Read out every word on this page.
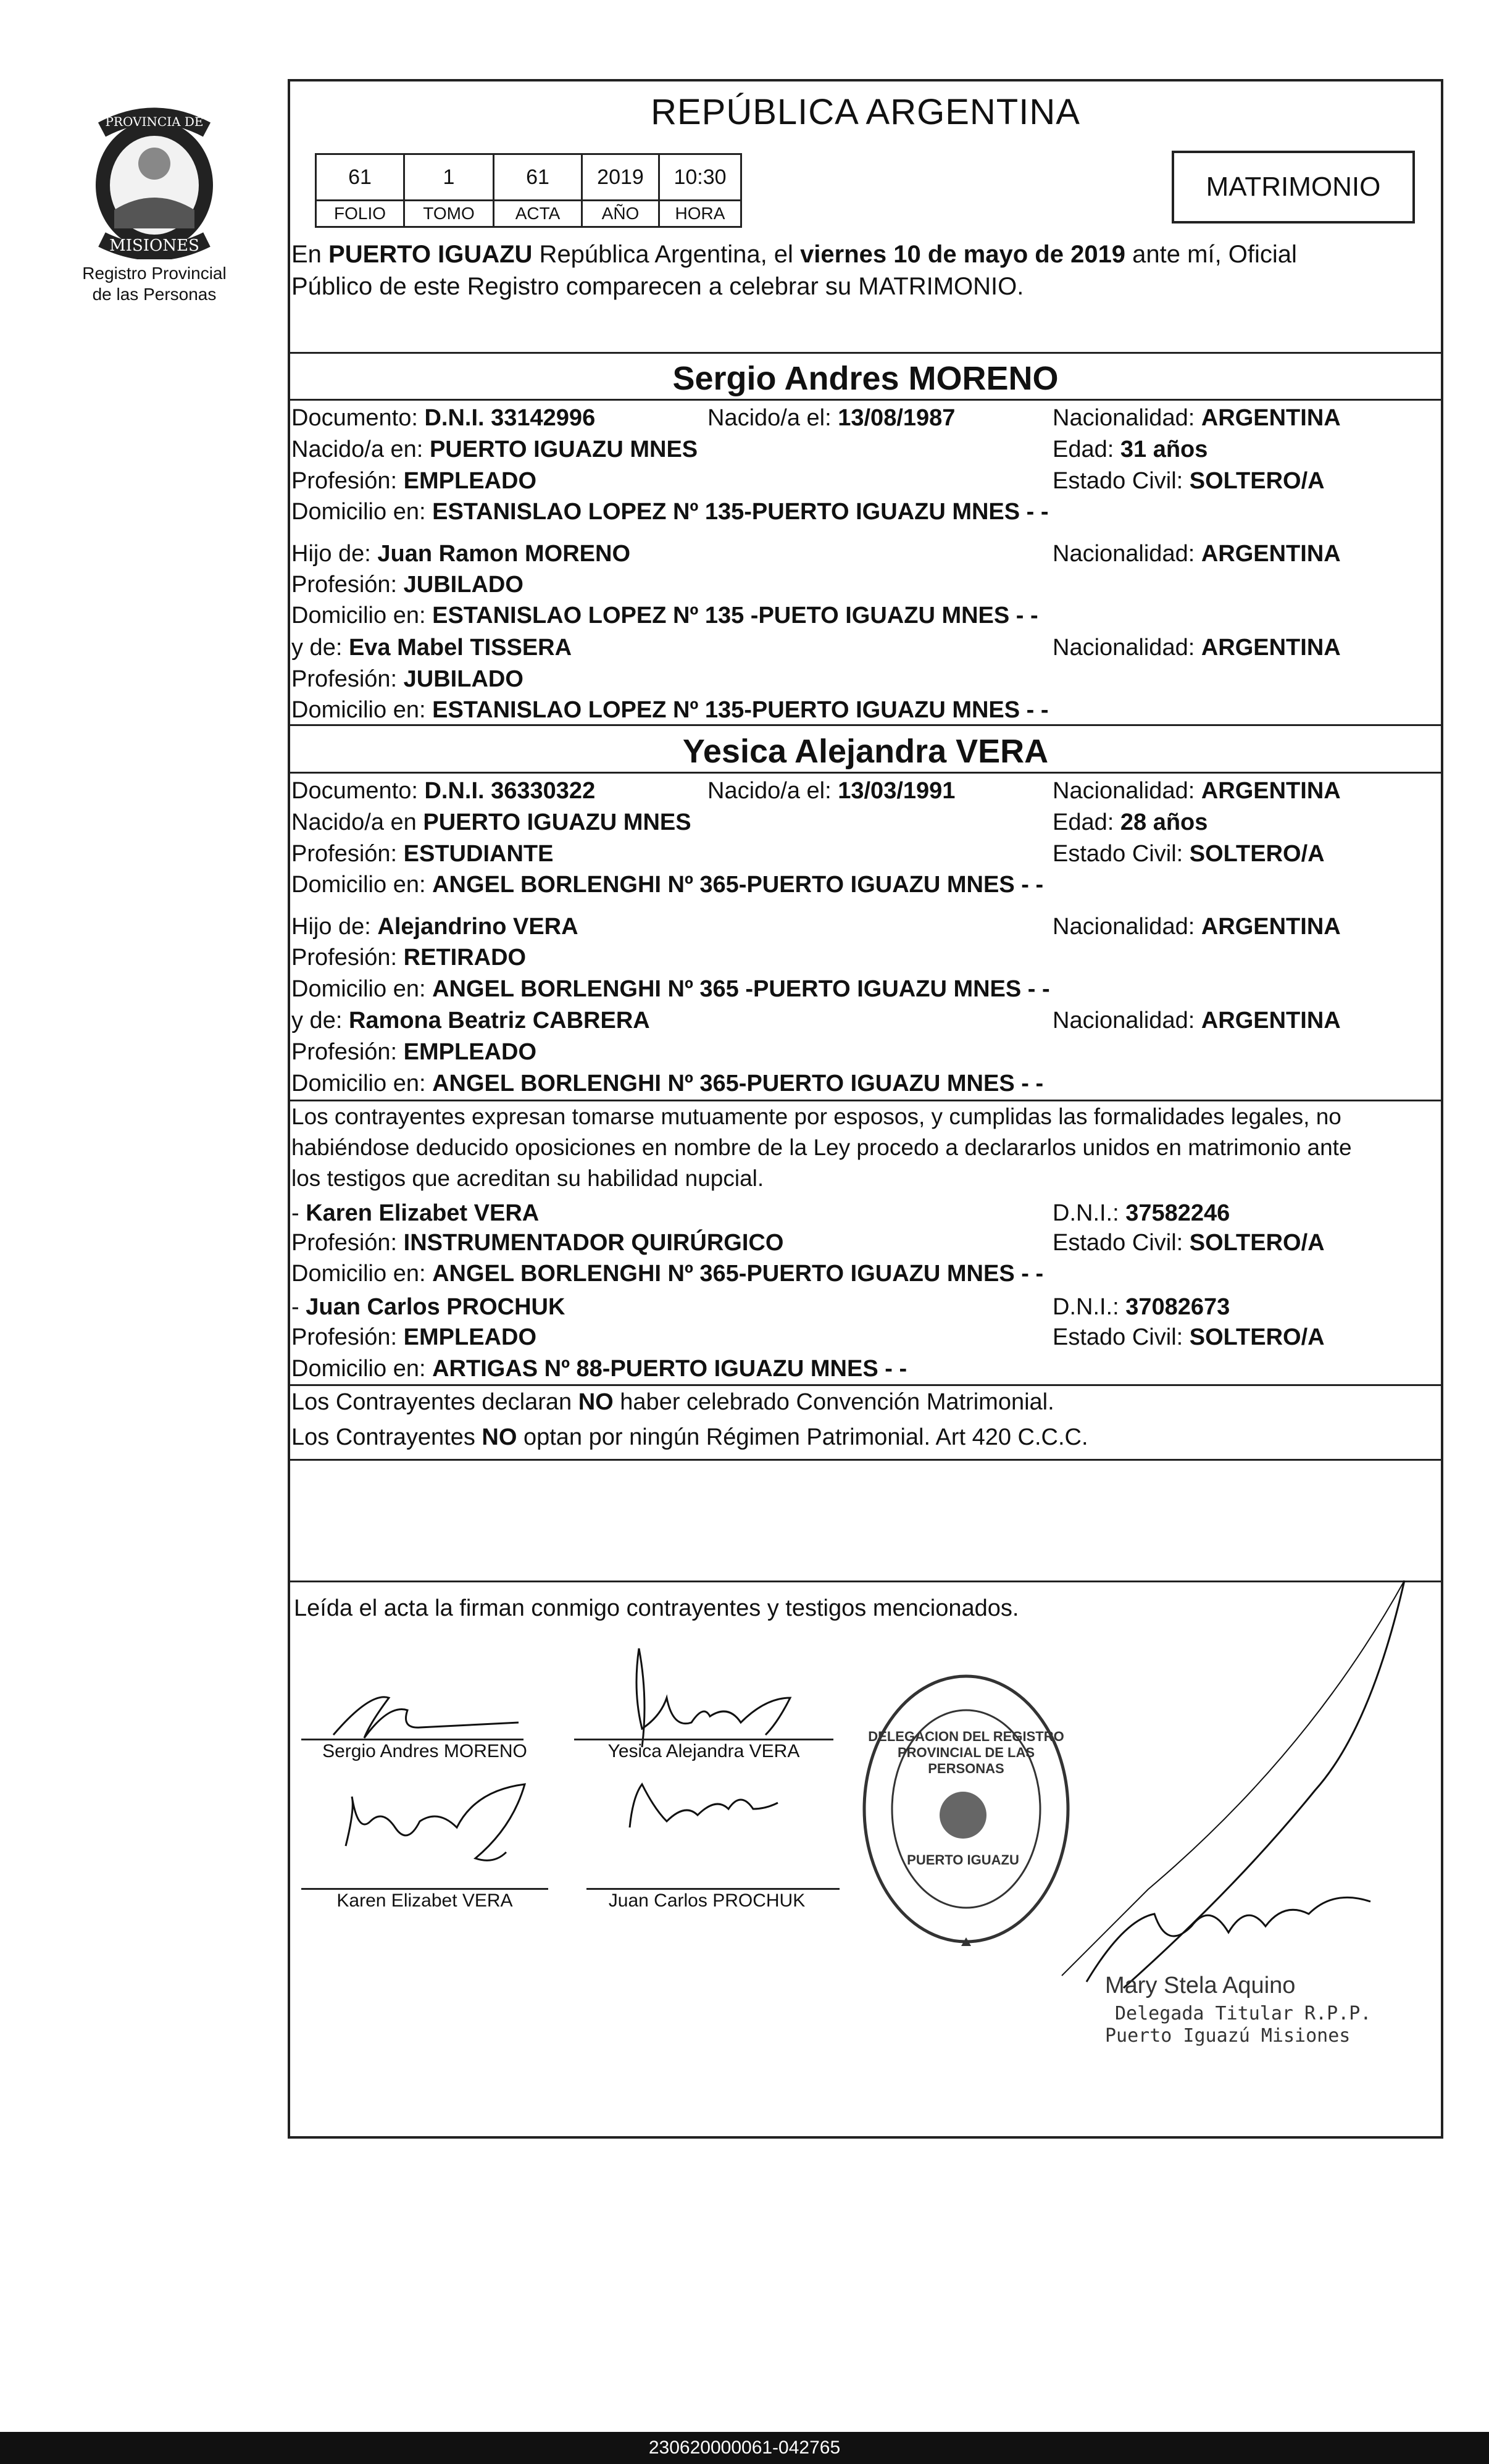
PROVINCIA DE
MISIONES
Registro Provincial
de las Personas
REPÚBLICA ARGENTINA
61	1	61	2019	10:30
FOLIO	TOMO	ACTA	AÑO	HORA
MATRIMONIO
En PUERTO IGUAZU República Argentina, el viernes 10 de mayo de 2019 ante mí, Oficial
Público de este Registro comparecen a celebrar su MATRIMONIO.
Sergio Andres MORENO
Documento: D.N.I. 33142996	Nacido/a el: 13/08/1987	Nacionalidad: ARGENTINA
Nacido/a en: PUERTO IGUAZU MNES	Edad: 31 años
Profesión: EMPLEADO	Estado Civil: SOLTERO/A
Domicilio en: ESTANISLAO LOPEZ Nº 135-PUERTO IGUAZU MNES - -
Hijo de: Juan Ramon MORENO	Nacionalidad: ARGENTINA
Profesión: JUBILADO
Domicilio en: ESTANISLAO LOPEZ Nº 135 -PUETO IGUAZU MNES - -
y de: Eva Mabel TISSERA	Nacionalidad: ARGENTINA
Profesión: JUBILADO
Domicilio en: ESTANISLAO LOPEZ Nº 135-PUERTO IGUAZU MNES - -
Yesica Alejandra VERA
Documento: D.N.I. 36330322	Nacido/a el: 13/03/1991	Nacionalidad: ARGENTINA
Nacido/a en PUERTO IGUAZU MNES	Edad: 28 años
Profesión: ESTUDIANTE	Estado Civil: SOLTERO/A
Domicilio en: ANGEL BORLENGHI Nº 365-PUERTO IGUAZU MNES - -
Hijo de: Alejandrino VERA	Nacionalidad: ARGENTINA
Profesión: RETIRADO
Domicilio en: ANGEL BORLENGHI Nº 365 -PUERTO IGUAZU MNES - -
y de: Ramona Beatriz CABRERA	Nacionalidad: ARGENTINA
Profesión: EMPLEADO
Domicilio en: ANGEL BORLENGHI Nº 365-PUERTO IGUAZU MNES - -
Los contrayentes expresan tomarse mutuamente por esposos, y cumplidas las formalidades legales, no
habiéndose deducido oposiciones en nombre de la Ley procedo a declararlos unidos en matrimonio ante
los testigos que acreditan su habilidad nupcial.
- Karen Elizabet VERA	D.N.I.: 37582246
Profesión: INSTRUMENTADOR QUIRÚRGICO	Estado Civil: SOLTERO/A
Domicilio en: ANGEL BORLENGHI Nº 365-PUERTO IGUAZU MNES - -
- Juan Carlos PROCHUK	D.N.I.: 37082673
Profesión: EMPLEADO	Estado Civil: SOLTERO/A
Domicilio en: ARTIGAS Nº 88-PUERTO IGUAZU MNES - -
Los Contrayentes declaran NO haber celebrado Convención Matrimonial.
Los Contrayentes NO optan por ningún Régimen Patrimonial. Art 420 C.C.C.
Leída el acta la firman conmigo contrayentes y testigos mencionados.
Sergio Andres MORENO	Yesica Alejandra VERA
Karen Elizabet VERA	Juan Carlos PROCHUK
DELEGACION DEL REGISTRO PROVINCIAL DE LAS PERSONAS
PUERTO IGUAZU
Mary Stela Aquino
Delegada Titular R.P.P.
Puerto Iguazú Misiones
230620000061-042765
